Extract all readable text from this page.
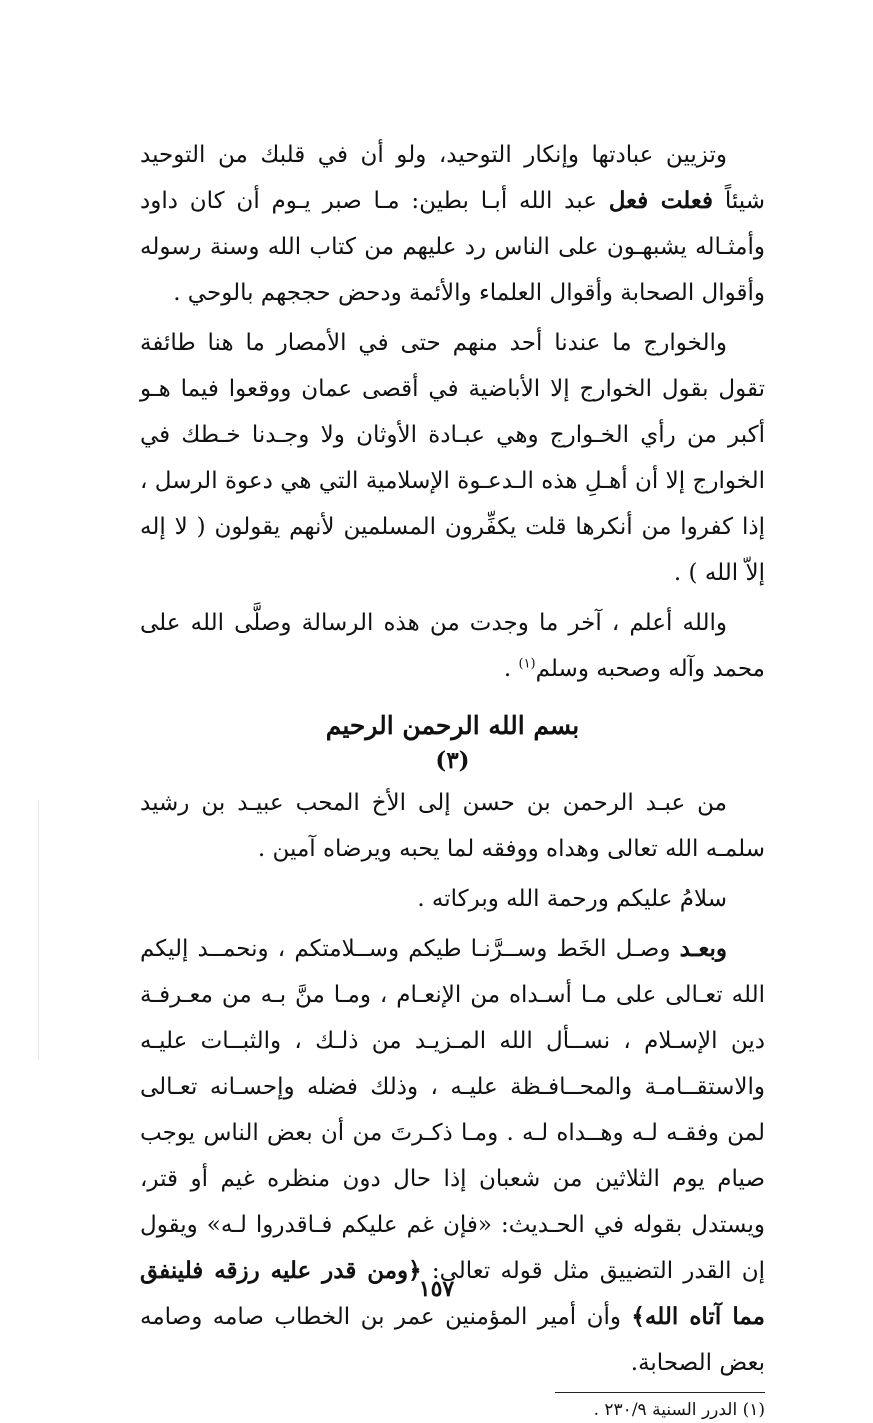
وتزيين عبادتها وإنكار التوحيد، ولو أن في قلبك من التوحيد شيئاً فعلت فعل عبد الله أبـا بطين: مـا صبر يـوم أن كان داود وأمثـاله يشبهـون على الناس رد عليهم من كتاب الله وسنة رسوله وأقوال الصحابة وأقوال العلماء والأئمة ودحض حججهم بالوحي .

والخوارج ما عندنا أحد منهم حتى في الأمصار ما هنا طائفة تقول بقول الخوارج إلا الأباضية في أقصى عمان ووقعوا فيما هـو أكبر من رأي الخـوارج وهي عبـادة الأوثان ولا وجـدنا خـطك في الخوارج إلا أن أهـلِ هذه الـدعـوة الإسلامية التي هي دعوة الرسل ، إذا كفروا من أنكرها قلت يكفِّرون المسلمين لأنهم يقولون ( لا إله إلاّ الله ) .

والله أعلم ، آخر ما وجدت من هذه الرسالة وصلَّى الله على محمد وآله وصحبه وسلم$^{(١)}$ .

بسم الله الرحمن الرحيم
(٣)

من عبـد الرحمن بن حسن إلى الأخ المحب عبيـد بن رشيد سلمـه الله تعالى وهداه ووفقه لما يحبه ويرضاه آمين .

سلامُ عليكم ورحمة الله وبركاته .

وبعـد وصـل الخَط وســرَّنـا طيكم وســلامتكم ، ونحمــد إليكم الله تعـالى على مـا أسـداه من الإنعـام ، ومـا منَّ بـه من معـرفـة دين الإسـلام ، نســأل الله المـزيـد من ذلـك ، والثبــات عليـه والاستقــامـة والمحــافـظة عليـه ، وذلك فضله وإحسـانه تعـالى لمن وفقـه لـه وهــداه لـه . ومـا ذكـرتَ من أن بعض الناس يوجب صيام يوم الثلاثين من شعبان إذا حال دون منظره غيم أو قتر، ويستدل بقوله في الحـديث: «فإن غم عليكم فـاقدروا لـه» ويقول إن القدر التضييق مثل قوله تعالى: ﴿ومن قدر عليه رزقه فلينفق مما آتاه الله﴾ وأن أمير المؤمنين عمر بن الخطاب صامه وصامه بعض الصحابة.

(١) الدرر السنية ٢٣٠/٩ .
١٥٧
